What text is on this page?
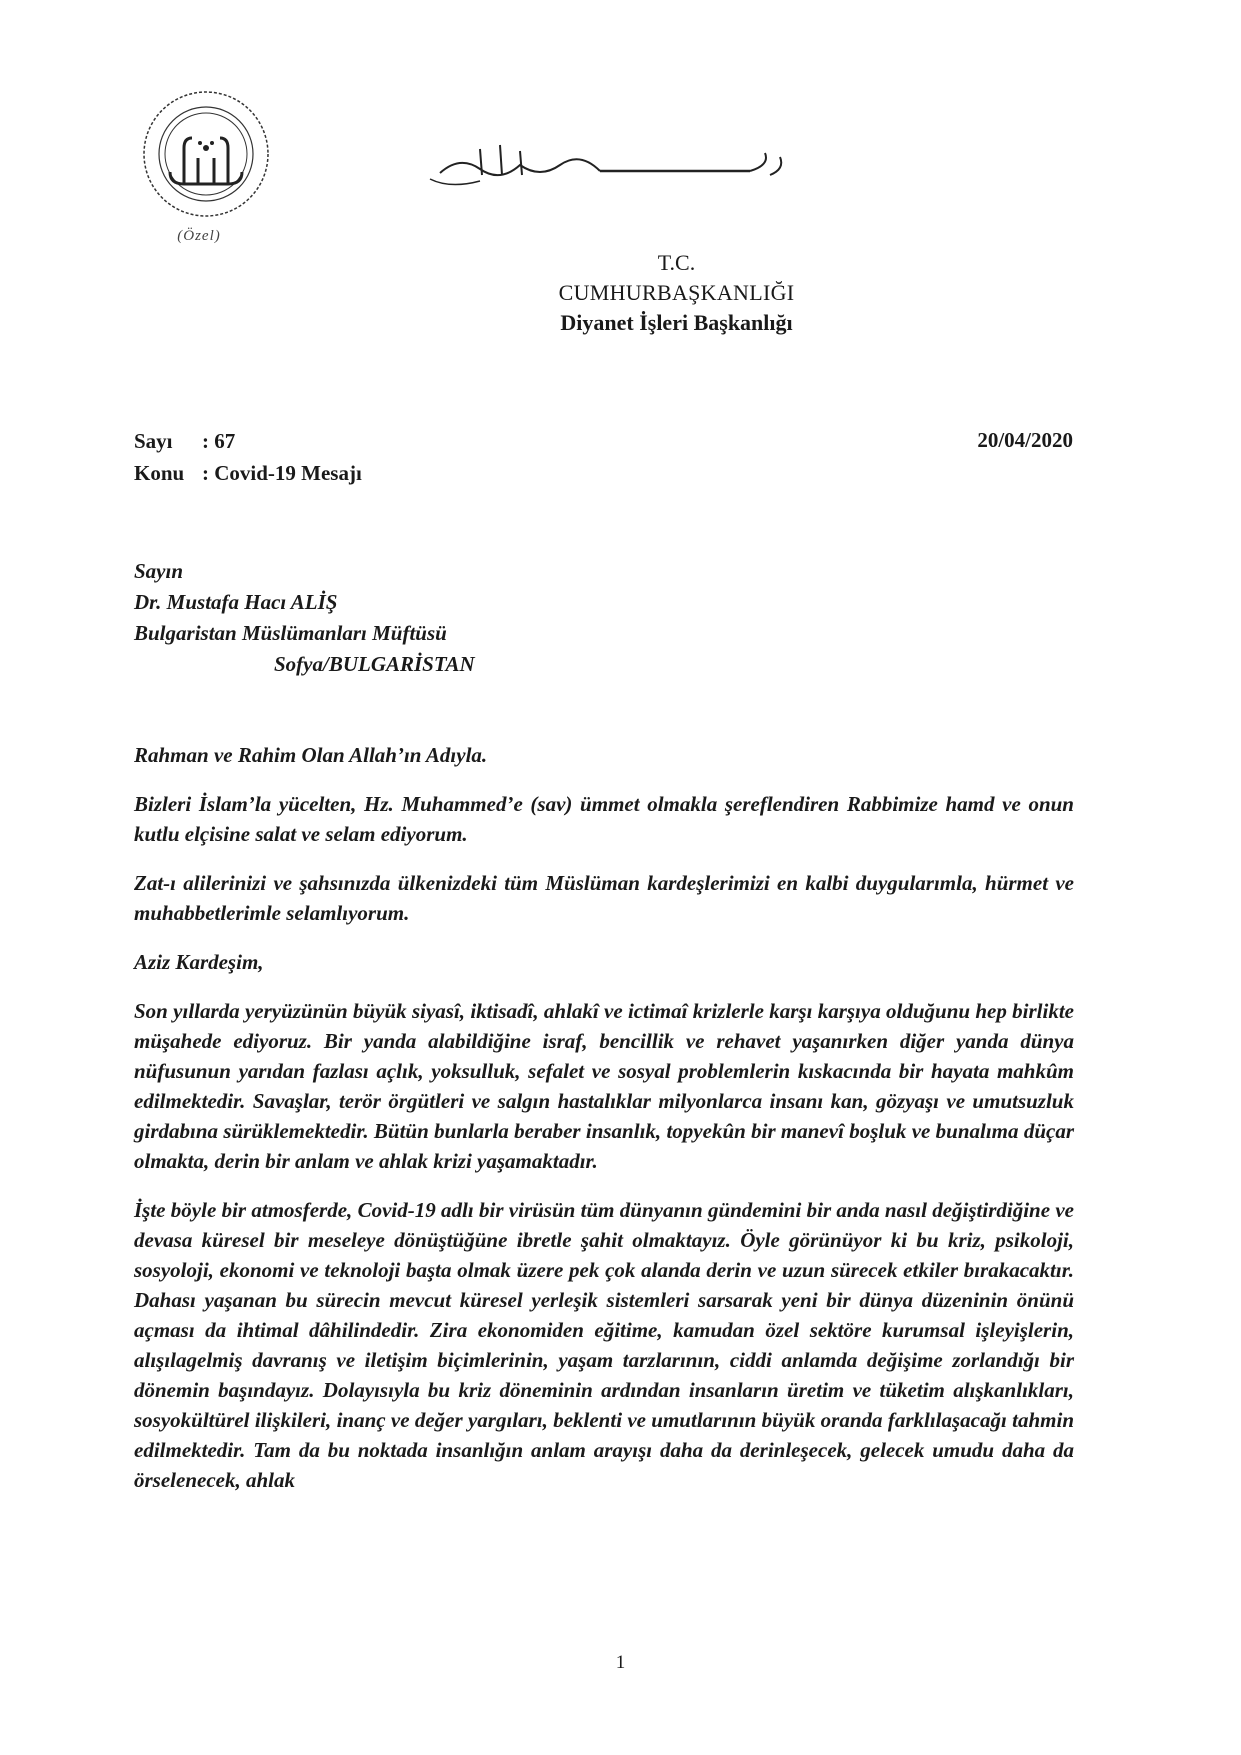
(Özel)
T.C.
CUMHURBAŞKANLIĞI
Diyanet İşleri Başkanlığı
Sayı	: 67
Konu : Covid-19 Mesajı
20/04/2020
Sayın
Dr. Mustafa Hacı ALİŞ
Bulgaristan Müslümanları Müftüsü
Sofya/BULGARİSTAN

Rahman ve Rahim Olan Allah’ın Adıyla.

Bizleri İslam’la yücelten, Hz. Muhammed’e (sav) ümmet olmakla şereflendiren Rabbimize hamd ve onun kutlu elçisine salat ve selam ediyorum.

Zat-ı alilerinizi ve şahsınızda ülkenizdeki tüm Müslüman kardeşlerimizi en kalbi duygularımla, hürmet ve muhabbetlerimle selamlıyorum.

Aziz Kardeşim,

Son yıllarda yeryüzünün büyük siyasî, iktisadî, ahlakî ve ictimaî krizlerle karşı karşıya olduğunu hep birlikte müşahede ediyoruz. Bir yanda alabildiğine israf, bencillik ve rehavet yaşanırken diğer yanda dünya nüfusunun yarıdan fazlası açlık, yoksulluk, sefalet ve sosyal problemlerin kıskacında bir hayata mahkûm edilmektedir. Savaşlar, terör örgütleri ve salgın hastalıklar milyonlarca insanı kan, gözyaşı ve umutsuzluk girdabına sürüklemektedir. Bütün bunlarla beraber insanlık, topyekûn bir manevî boşluk ve bunalıma düçar olmakta, derin bir anlam ve ahlak krizi yaşamaktadır.

İşte böyle bir atmosferde, Covid-19 adlı bir virüsün tüm dünyanın gündemini bir anda nasıl değiştirdiğine ve devasa küresel bir meseleye dönüştüğüne ibretle şahit olmaktayız. Öyle görünüyor ki bu kriz, psikoloji, sosyoloji, ekonomi ve teknoloji başta olmak üzere pek çok alanda derin ve uzun sürecek etkiler bırakacaktır. Dahası yaşanan bu sürecin mevcut küresel yerleşik sistemleri sarsarak yeni bir dünya düzeninin önünü açması da ihtimal dâhilindedir. Zira ekonomiden eğitime, kamudan özel sektöre kurumsal işleyişlerin, alışılagelmiş davranış ve iletişim biçimlerinin, yaşam tarzlarının, ciddi anlamda değişime zorlandığı bir dönemin başındayız. Dolayısıyla bu kriz döneminin ardından insanların üretim ve tüketim alışkanlıkları, sosyokültürel ilişkileri, inanç ve değer yargıları, beklenti ve umutlarının büyük oranda farklılaşacağı tahmin edilmektedir. Tam da bu noktada insanlığın anlam arayışı daha da derinleşecek, gelecek umudu daha da örselenecek, ahlak

1
